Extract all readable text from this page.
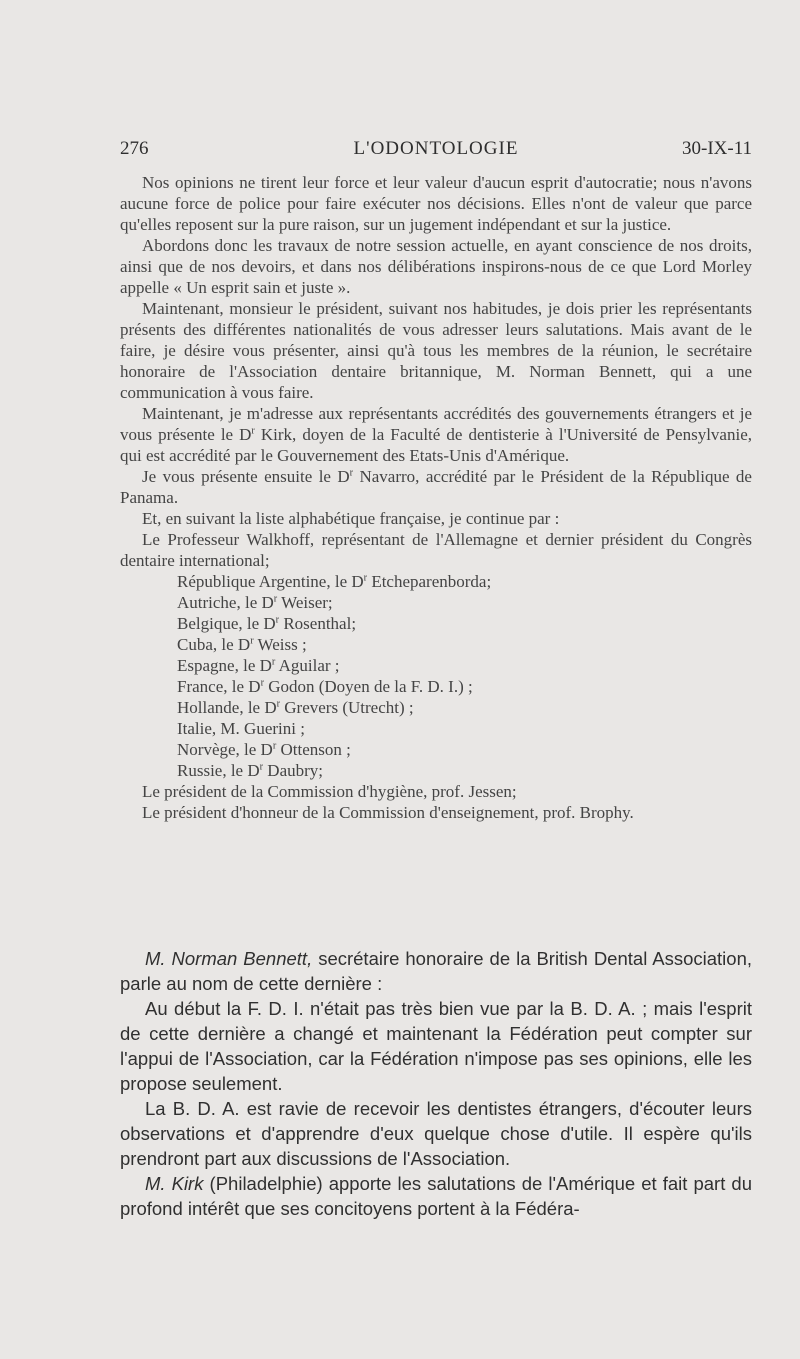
276	L'ODONTOLOGIE	30-IX-11

Nos opinions ne tirent leur force et leur valeur d'aucun esprit d'autocratie; nous n'avons aucune force de police pour faire exécuter nos décisions. Elles n'ont de valeur que parce qu'elles reposent sur la pure raison, sur un jugement indépendant et sur la justice.

Abordons donc les travaux de notre session actuelle, en ayant conscience de nos droits, ainsi que de nos devoirs, et dans nos délibérations inspirons-nous de ce que Lord Morley appelle « Un esprit sain et juste ».

Maintenant, monsieur le président, suivant nos habitudes, je dois prier les représentants présents des différentes nationalités de vous adresser leurs salutations. Mais avant de le faire, je désire vous présenter, ainsi qu'à tous les membres de la réunion, le secrétaire honoraire de l'Association dentaire britannique, M. Norman Bennett, qui a une communication à vous faire.

Maintenant, je m'adresse aux représentants accrédités des gouvernements étrangers et je vous présente le $D^r$ Kirk, doyen de la Faculté de dentisterie à l'Université de Pensylvanie, qui est accrédité par le Gouvernement des Etats-Unis d'Amérique.

Je vous présente ensuite le $D^r$ Navarro, accrédité par le Président de la République de Panama.

Et, en suivant la liste alphabétique française, je continue par :

Le Professeur Walkhoff, représentant de l'Allemagne et dernier président du Congrès dentaire international;

République Argentine, le $D^r$ Etcheparenborda;
Autriche, le $D^r$ Weiser;
Belgique, le $D^r$ Rosenthal;
Cuba, le $D^r$ Weiss ;
Espagne, le $D^r$ Aguilar ;
France, le $D^r$ Godon (Doyen de la F. D. I.) ;
Hollande, le $D^r$ Grevers (Utrecht) ;
Italie, M. Guerini ;
Norvège, le $D^r$ Ottenson ;
Russie, le $D^r$ Daubry;

Le président de la Commission d'hygiène, prof. Jessen;

Le président d'honneur de la Commission d'enseignement, prof. Brophy.

M. Norman Bennett, secrétaire honoraire de la British Dental Association, parle au nom de cette dernière :

Au début la F. D. I. n'était pas très bien vue par la B. D. A. ; mais l'esprit de cette dernière a changé et maintenant la Fédération peut compter sur l'appui de l'Association, car la Fédération n'impose pas ses opinions, elle les propose seulement.

La B. D. A. est ravie de recevoir les dentistes étrangers, d'écouter leurs observations et d'apprendre d'eux quelque chose d'utile. Il espère qu'ils prendront part aux discussions de l'Association.

M. Kirk (Philadelphie) apporte les salutations de l'Amérique et fait part du profond intérêt que ses concitoyens portent à la Fédéra-
